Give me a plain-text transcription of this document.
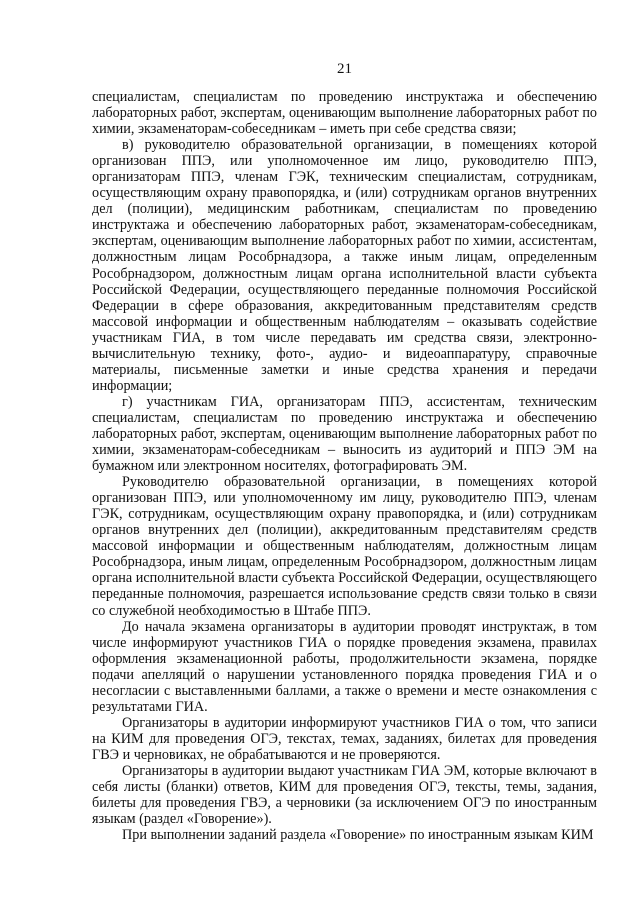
21

специалистам, специалистам по проведению инструктажа и обеспечению лабораторных работ, экспертам, оценивающим выполнение лабораторных работ по химии, экзаменаторам-собеседникам – иметь при себе средства связи;

в) руководителю образовательной организации, в помещениях которой организован ППЭ, или уполномоченное им лицо, руководителю ППЭ, организаторам ППЭ, членам ГЭК, техническим специалистам, сотрудникам, осуществляющим охрану правопорядка, и (или) сотрудникам органов внутренних дел (полиции), медицинским работникам, специалистам по проведению инструктажа и обеспечению лабораторных работ, экзаменаторам-собеседникам, экспертам, оценивающим выполнение лабораторных работ по химии, ассистентам, должностным лицам Рособрнадзора, а также иным лицам, определенным Рособрнадзором, должностным лицам органа исполнительной власти субъекта Российской Федерации, осуществляющего переданные полномочия Российской Федерации в сфере образования, аккредитованным представителям средств массовой информации и общественным наблюдателям – оказывать содействие участникам ГИА, в том числе передавать им средства связи, электронно-вычислительную технику, фото-, аудио- и видеоаппаратуру, справочные материалы, письменные заметки и иные средства хранения и передачи информации;

г) участникам ГИА, организаторам ППЭ, ассистентам, техническим специалистам, специалистам по проведению инструктажа и обеспечению лабораторных работ, экспертам, оценивающим выполнение лабораторных работ по химии, экзаменаторам-собеседникам – выносить из аудиторий и ППЭ ЭМ на бумажном или электронном носителях, фотографировать ЭМ.

Руководителю образовательной организации, в помещениях которой организован ППЭ, или уполномоченному им лицу, руководителю ППЭ, членам ГЭК, сотрудникам, осуществляющим охрану правопорядка, и (или) сотрудникам органов внутренних дел (полиции), аккредитованным представителям средств массовой информации и общественным наблюдателям, должностным лицам Рособрнадзора, иным лицам, определенным Рособрнадзором, должностным лицам органа исполнительной власти субъекта Российской Федерации, осуществляющего переданные полномочия, разрешается использование средств связи только в связи со служебной необходимостью в Штабе ППЭ.

До начала экзамена организаторы в аудитории проводят инструктаж, в том числе информируют участников ГИА о порядке проведения экзамена, правилах оформления экзаменационной работы, продолжительности экзамена, порядке подачи апелляций о нарушении установленного порядка проведения ГИА и о несогласии с выставленными баллами, а также о времени и месте ознакомления с результатами ГИА.

Организаторы в аудитории информируют участников ГИА о том, что записи на КИМ для проведения ОГЭ, текстах, темах, заданиях, билетах для проведения ГВЭ и черновиках, не обрабатываются и не проверяются.

Организаторы в аудитории выдают участникам ГИА ЭМ, которые включают в себя листы (бланки) ответов, КИМ для проведения ОГЭ, тексты, темы, задания, билеты для проведения ГВЭ, а черновики (за исключением ОГЭ по иностранным языкам (раздел «Говорение»).

При выполнении заданий раздела «Говорение» по иностранным языкам КИМ
